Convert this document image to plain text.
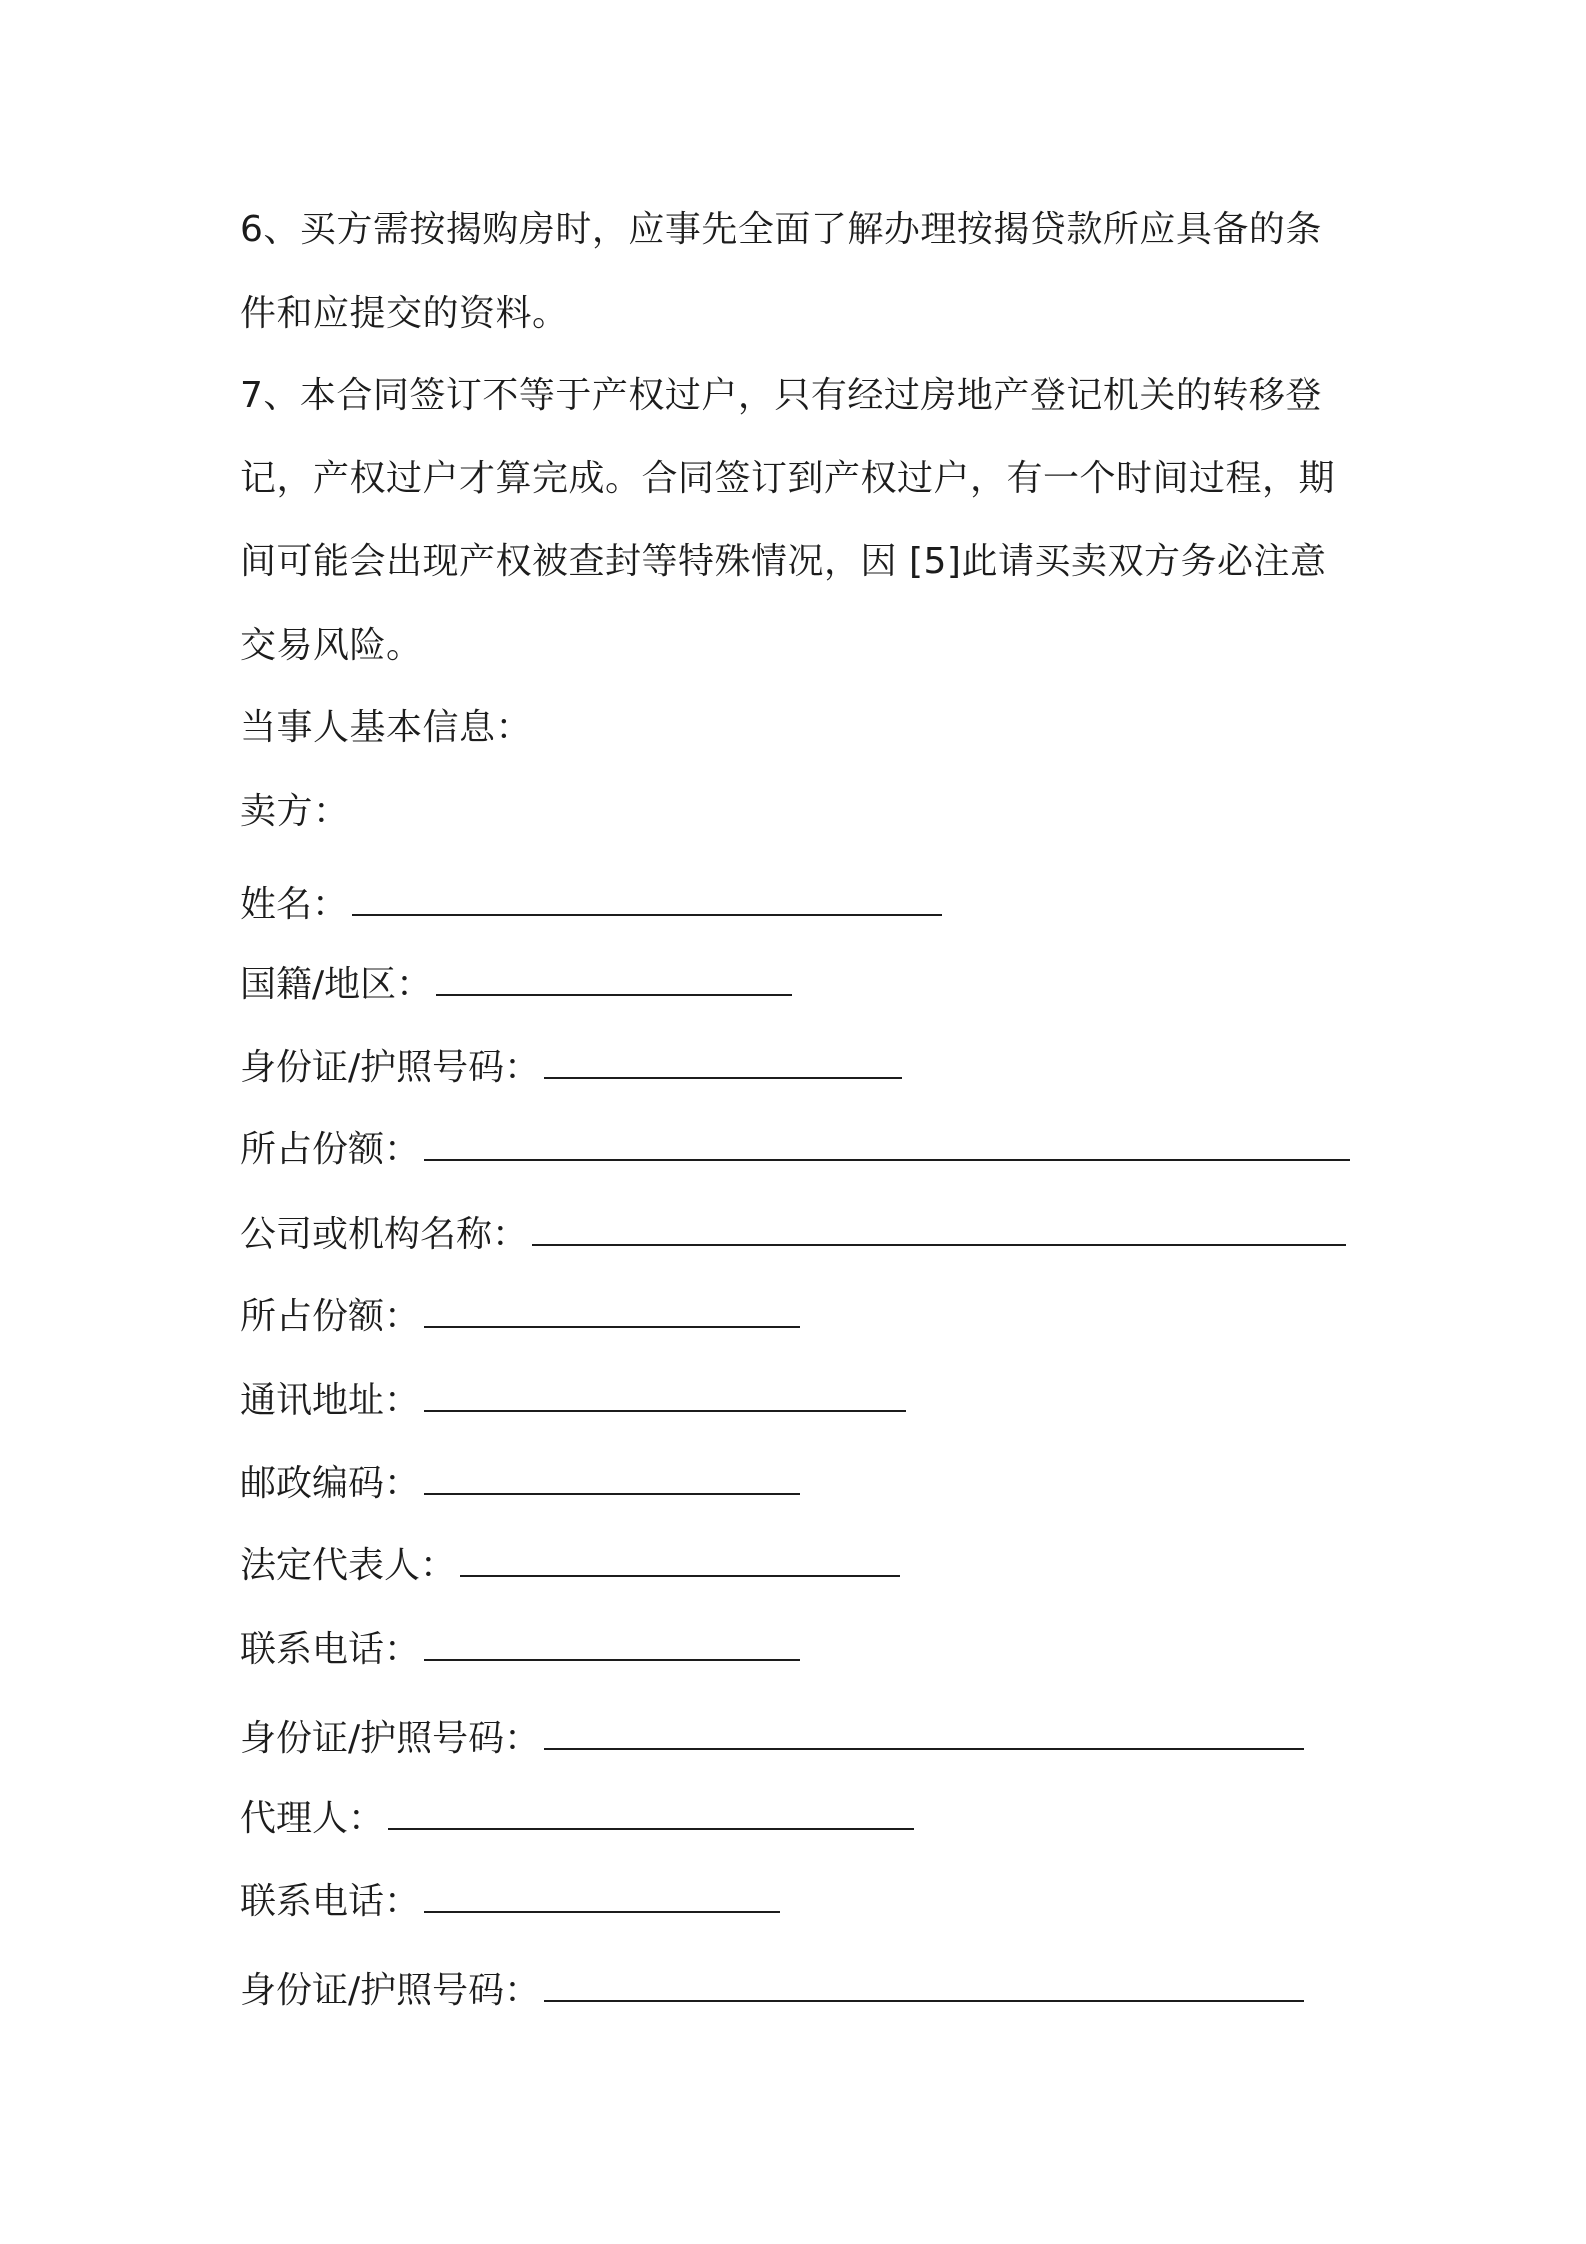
6、买方需按揭购房时，应事先全面了解办理按揭贷款所应具备的条
件和应提交的资料。
7、本合同签订不等于产权过户，只有经过房地产登记机关的转移登
记，产权过户才算完成。合同签订到产权过户，有一个时间过程，期
间可能会出现产权被查封等特殊情况，因 [5]此请买卖双方务必注意
交易风险。
当事人基本信息：
卖方：
姓名：
国籍/地区：
身份证/护照号码：
所占份额：
公司或机构名称：
所占份额：
通讯地址：
邮政编码：
法定代表人：
联系电话：
身份证/护照号码：
代理人：
联系电话：
身份证/护照号码：
